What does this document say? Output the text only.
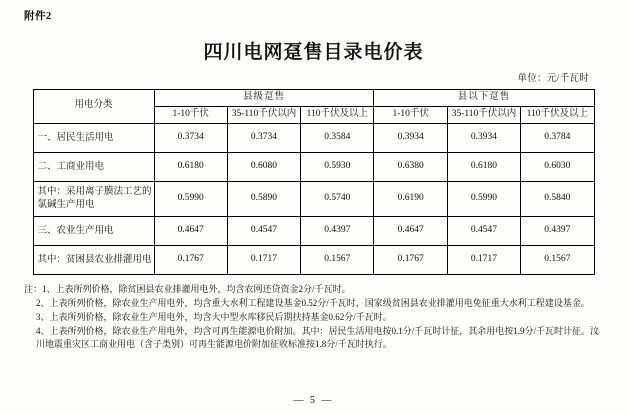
附件2
四川电网趸售目录电价表
单位：元/千瓦时
用电分类	县级趸售			县以下趸售		
	1-10千伏	35-110千伏以内	110千伏及以上	1-10千伏	35-110千伏以内	110千伏及以上
一、居民生活用电	0.3734	0.3734	0.3584	0.3934	0.3934	0.3784
二、工商业用电	0.6180	0.6080	0.5930	0.6380	0.6180	0.6030
其中：采用离子膜法工艺的氯碱生产用电	0.5990	0.5890	0.5740	0.6190	0.5990	0.5840
三、农业生产用电	0.4647	0.4547	0.4397	0.4647	0.4547	0.4397
其中：贫困县农业排灌用电	0.1767	0.1717	0.1567	0.1767	0.1717	0.1567
注：1、上表所列价格，除贫困县农业排灌用电外，均含农网还贷资金2分/千瓦时。
2、上表所列价格，除农业生产用电外，均含重大水利工程建设基金0.52分/千瓦时，国家级贫困县农业排灌用电免征重大水利工程建设基金。
3、上表所列价格，除农业生产用电外，均含大中型水库移民后期扶持基金0.62分/千瓦时。
4、上表所列价格，除农业生产用电外，均含可再生能源电价附加。其中：居民生活用电按0.1分/千瓦时计征，其余用电按1.9分/千瓦时计征。汶川地震重灾区工商业用电（含子类别）可再生能源电价附加征收标准按1.8分/千瓦时执行。
— 5 —
